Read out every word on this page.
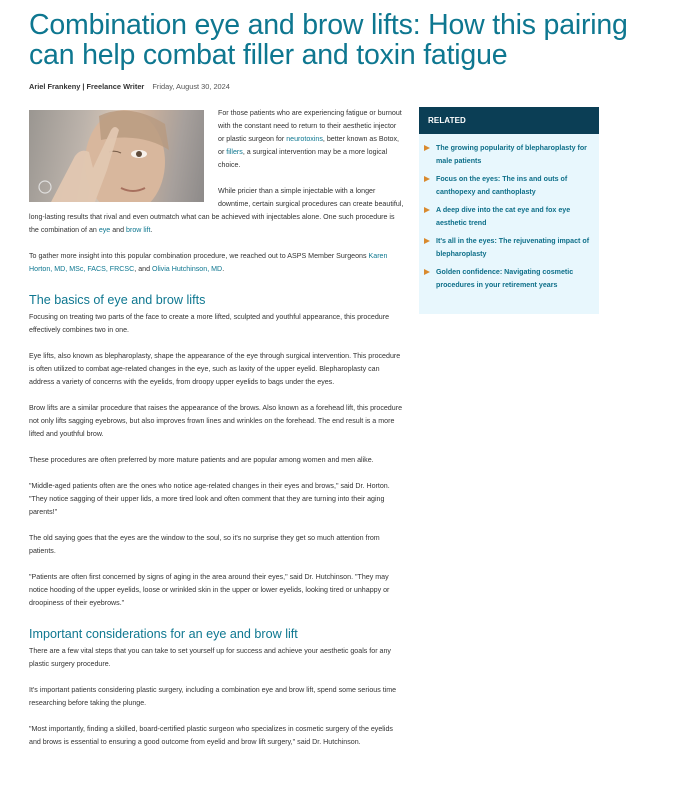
Combination eye and brow lifts: How this pairing can help combat filler and toxin fatigue
Ariel Frankeny | Freelance Writer Friday, August 30, 2024

For those patients who are experiencing fatigue or burnout with the constant need to return to their aesthetic injector or plastic surgeon for neurotoxins, better known as Botox, or fillers, a surgical intervention may be a more logical choice.

While pricier than a simple injectable with a longer downtime, certain surgical procedures can create beautiful, long-lasting results that rival and even outmatch what can be achieved with injectables alone. One such procedure is the combination of an eye and brow lift.

To gather more insight into this popular combination procedure, we reached out to ASPS Member Surgeons Karen Horton, MD, MSc, FACS, FRCSC, and Olivia Hutchinson, MD.

The basics of eye and brow lifts

Focusing on treating two parts of the face to create a more lifted, sculpted and youthful appearance, this procedure effectively combines two in one.

Eye lifts, also known as blepharoplasty, shape the appearance of the eye through surgical intervention. This procedure is often utilized to combat age-related changes in the eye, such as laxity of the upper eyelid. Blepharoplasty can address a variety of concerns with the eyelids, from droopy upper eyelids to bags under the eyes.

Brow lifts are a similar procedure that raises the appearance of the brows. Also known as a forehead lift, this procedure not only lifts sagging eyebrows, but also improves frown lines and wrinkles on the forehead. The end result is a more lifted and youthful brow.

These procedures are often preferred by more mature patients and are popular among women and men alike.

"Middle-aged patients often are the ones who notice age-related changes in their eyes and brows," said Dr. Horton. "They notice sagging of their upper lids, a more tired look and often comment that they are turning into their aging parents!"

The old saying goes that the eyes are the window to the soul, so it's no surprise they get so much attention from patients.

"Patients are often first concerned by signs of aging in the area around their eyes," said Dr. Hutchinson. "They may notice hooding of the upper eyelids, loose or wrinkled skin in the upper or lower eyelids, looking tired or unhappy or droopiness of their eyebrows."

Important considerations for an eye and brow lift

There are a few vital steps that you can take to set yourself up for success and achieve your aesthetic goals for any plastic surgery procedure.

It's important patients considering plastic surgery, including a combination eye and brow lift, spend some serious time researching before taking the plunge.

"Most importantly, finding a skilled, board-certified plastic surgeon who specializes in cosmetic surgery of the eyelids and brows is essential to ensuring a good outcome from eyelid and brow lift surgery," said Dr. Hutchinson.

RELATED
The growing popularity of blepharoplasty for male patients
Focus on the eyes: The ins and outs of canthopexy and canthoplasty
A deep dive into the cat eye and fox eye aesthetic trend
It's all in the eyes: The rejuvenating impact of blepharoplasty
Golden confidence: Navigating cosmetic procedures in your retirement years
